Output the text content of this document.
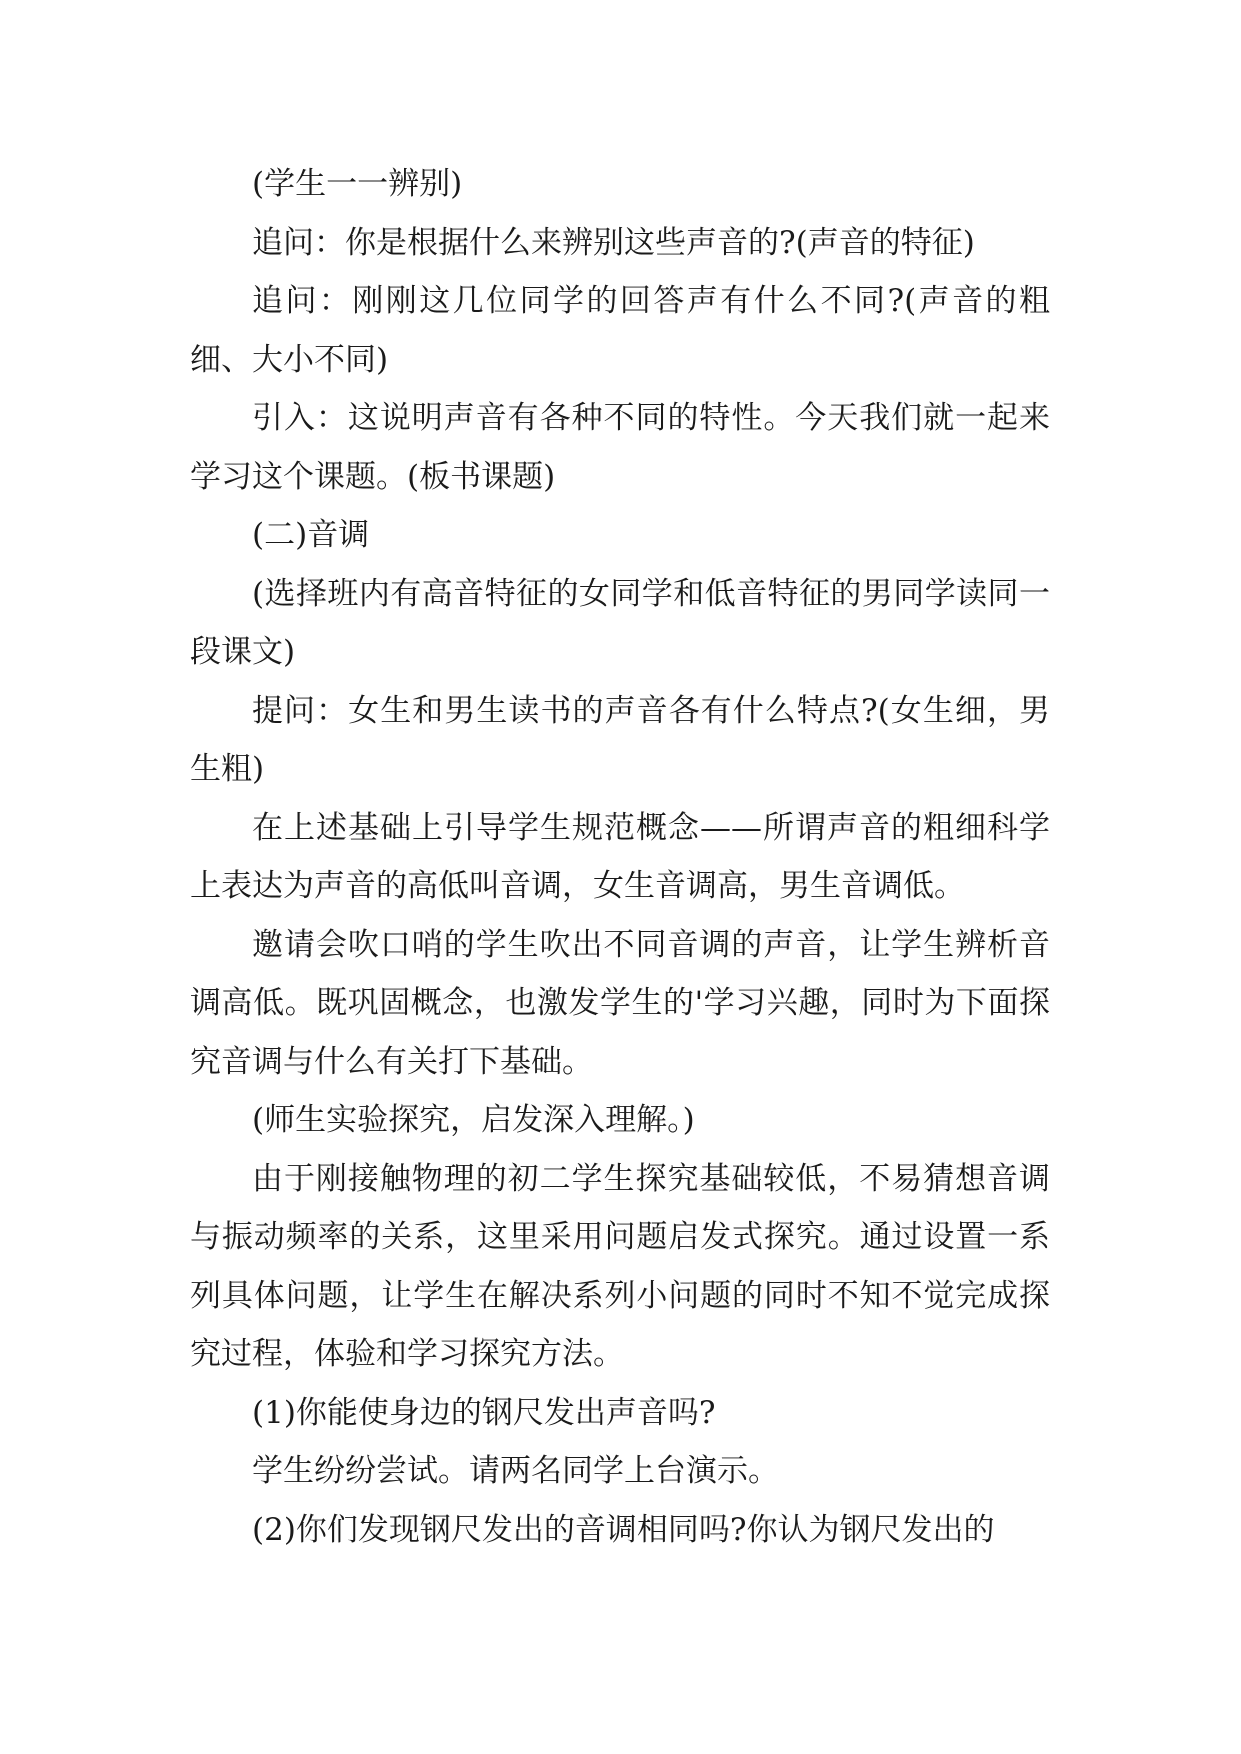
(学生一一辨别)

追问：你是根据什么来辨别这些声音的?(声音的特征)

追问：刚刚这几位同学的回答声有什么不同?(声音的粗细、大小不同)

引入：这说明声音有各种不同的特性。今天我们就一起来学习这个课题。(板书课题)

(二)音调

(选择班内有高音特征的女同学和低音特征的男同学读同一段课文)

提问：女生和男生读书的声音各有什么特点?(女生细，男生粗)

在上述基础上引导学生规范概念——所谓声音的粗细科学上表达为声音的高低叫音调，女生音调高，男生音调低。

邀请会吹口哨的学生吹出不同音调的声音，让学生辨析音调高低。既巩固概念，也激发学生的'学习兴趣，同时为下面探究音调与什么有关打下基础。

(师生实验探究，启发深入理解。)

由于刚接触物理的初二学生探究基础较低，不易猜想音调与振动频率的关系，这里采用问题启发式探究。通过设置一系列具体问题，让学生在解决系列小问题的同时不知不觉完成探究过程，体验和学习探究方法。

(1)你能使身边的钢尺发出声音吗?

学生纷纷尝试。请两名同学上台演示。

(2)你们发现钢尺发出的音调相同吗?你认为钢尺发出的
